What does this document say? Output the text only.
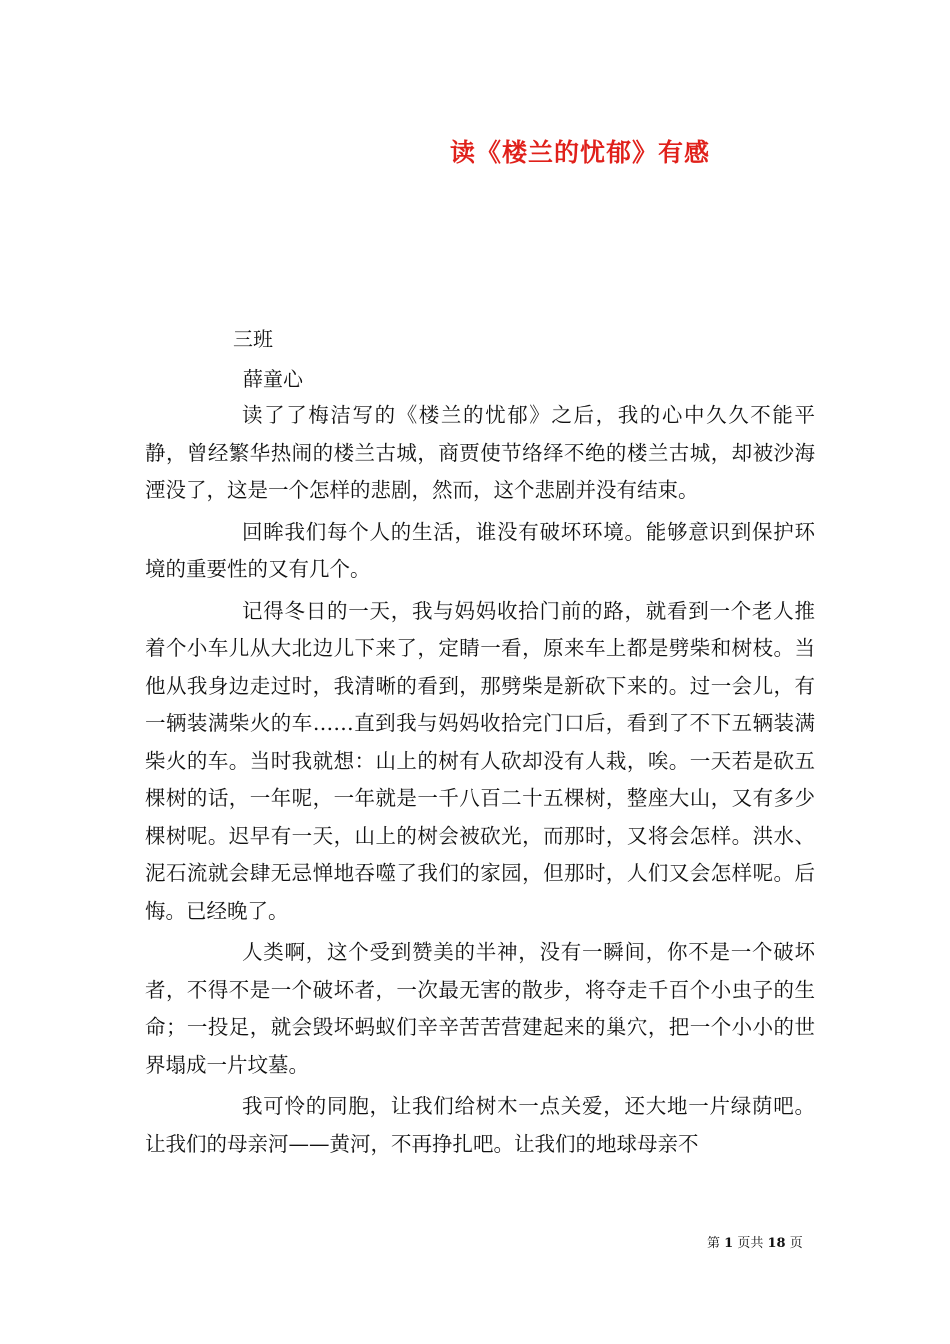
读《楼兰的忧郁》有感
三班
薛童心

读了了梅洁写的《楼兰的忧郁》之后，我的心中久久不能平静，曾经繁华热闹的楼兰古城，商贾使节络绎不绝的楼兰古城，却被沙海湮没了，这是一个怎样的悲剧，然而，这个悲剧并没有结束。

回眸我们每个人的生活，谁没有破坏环境。能够意识到保护环境的重要性的又有几个。

记得冬日的一天，我与妈妈收拾门前的路，就看到一个老人推着个小车儿从大北边儿下来了，定睛一看，原来车上都是劈柴和树枝。当他从我身边走过时，我清晰的看到，那劈柴是新砍下来的。过一会儿，有一辆装满柴火的车……直到我与妈妈收拾完门口后，看到了不下五辆装满柴火的车。当时我就想：山上的树有人砍却没有人栽，唉。一天若是砍五棵树的话，一年呢，一年就是一千八百二十五棵树，整座大山，又有多少棵树呢。迟早有一天，山上的树会被砍光，而那时，又将会怎样。洪水、泥石流就会肆无忌惮地吞噬了我们的家园，但那时，人们又会怎样呢。后悔。已经晚了。

人类啊，这个受到赞美的半神，没有一瞬间，你不是一个破坏者，不得不是一个破坏者，一次最无害的散步，将夺走千百个小虫子的生命；一投足，就会毁坏蚂蚁们辛辛苦苦营建起来的巢穴，把一个小小的世界塌成一片坟墓。

我可怜的同胞，让我们给树木一点关爱，还大地一片绿荫吧。让我们的母亲河——黄河，不再挣扎吧。让我们的地球母亲不

第 1 页共 18 页
